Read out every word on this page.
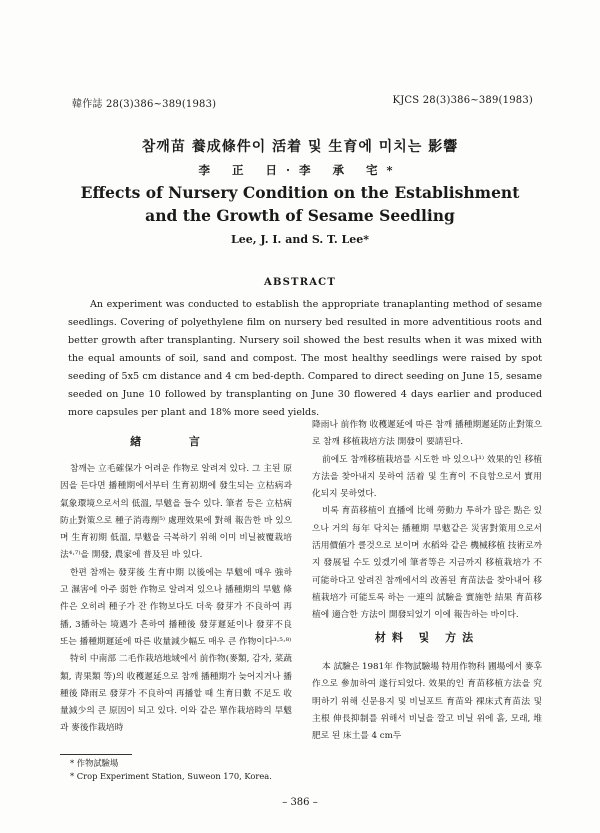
韓作誌 28(3)386~389(1983)	KJCS 28(3)386~389(1983)
참깨苗 養成條件이 活着 및 生育에 미치는 影響
李 正 日·李 承 宅*
Effects of Nursery Condition on the Establishment
and the Growth of Sesame Seedling
Lee, J. I. and S. T. Lee*
ABSTRACT

An experiment was conducted to establish the appropriate tranaplanting method of sesame seedlings. Covering of polyethylene film on nursery bed resulted in more adventitious roots and better growth after transplanting. Nursery soil showed the best results when it was mixed with the equal amounts of soil, sand and compost. The most healthy seedlings were raised by spot seeding of 5x5 cm distance and 4 cm bed-depth. Compared to direct seeding on June 15, sesame seeded on June 10 followed by transplanting on June 30 flowered 4 days earlier and produced more capsules per plant and 18% more seed yields.

緖 言

참깨는 立毛確保가 어려운 作物로 알려져 있다. 그 主된 原因을 든다면 播種期에서부터 生育初期에 發生되는 立枯病과 氣象環境으로서의 低溫, 旱魃을 들수 있다. 筆者 등은 立枯病 防止對策으로 種子消毒劑⁵⁾ 處理效果에 對해 報告한 바 있으며 生育初期 低溫, 旱魃을 극복하기 위해 이미 비닐被覆栽培法⁴·⁷⁾을 開發, 農家에 普及된 바 있다.

한편 참깨는 發芽後 生育中期 以後에는 旱魃에 매우 強하고 濕害에 아주 弱한 作物로 알려져 있으나 播種期의 旱魃 條件은 오히려 種子가 잔 作物보다도 더욱 發芽가 不良하여 再播, 3播하는 境遇가 흔하여 播種後 發芽遲延이나 發芽不良 또는 播種期遲延에 따른 收量減少幅도 매우 큰 作物이다³·⁵·⁸⁾

特히 中南部 二毛作栽培地域에서 前作物(麥類, 감자, 菜蔬類, 靑果類 等)의 收穫遲延으로 참깨 播種期가 늦어지거나 播種後 降雨로 發芽가 不良하여 再播할 때 生育日數 不足도 收量減少의 큰 原因이 되고 있다. 이와 같은 單作栽培時의 旱魃과 麥後作栽培時

降雨나 前作物 收穫遲延에 따른 참깨 播種期遲延防止對策으로 참깨 移植栽培方法 開發이 要請된다.

前에도 참깨移植栽培를 시도한 바 있으나¹⁾ 效果的인 移植方法을 찾아내지 못하여 活着 및 生育이 不良함으로서 實用化되지 못하였다.

비록 育苗移植이 直播에 比해 勞動力 투하가 많은 點은 있으나 거의 每年 닥치는 播種期 旱魃같은 災害對策用으로서 活用價値가 클것으로 보이며 水稻와 같은 機械移植 技術로까지 發展될 수도 있겠기에 筆者等은 지금까지 移植栽培가 不可能하다고 알려진 참깨에서의 改善된 育苗法을 찾아내어 移植栽培가 可能토록 하는 一連의 試驗을 實施한 結果 育苗移植에 適合한 方法이 開發되었기 이에 報告하는 바이다.

材料 및 方法

本 試驗은 1981年 作物試驗場 特用作物科 圃場에서 麥후作으로 參加하여 遂行되었다. 效果的인 育苗移植方法을 究明하기 위해 신문용지 및 비닐포트 育苗와 裸床式育苗法 및 主根 伸長抑制를 위해서 비닐을 깔고 비닐 위에 흙, 모래, 堆肥로 된 床土를 4 cm두

* 作物試驗場
* Crop Experiment Station, Suweon 170, Korea.
– 386 –
